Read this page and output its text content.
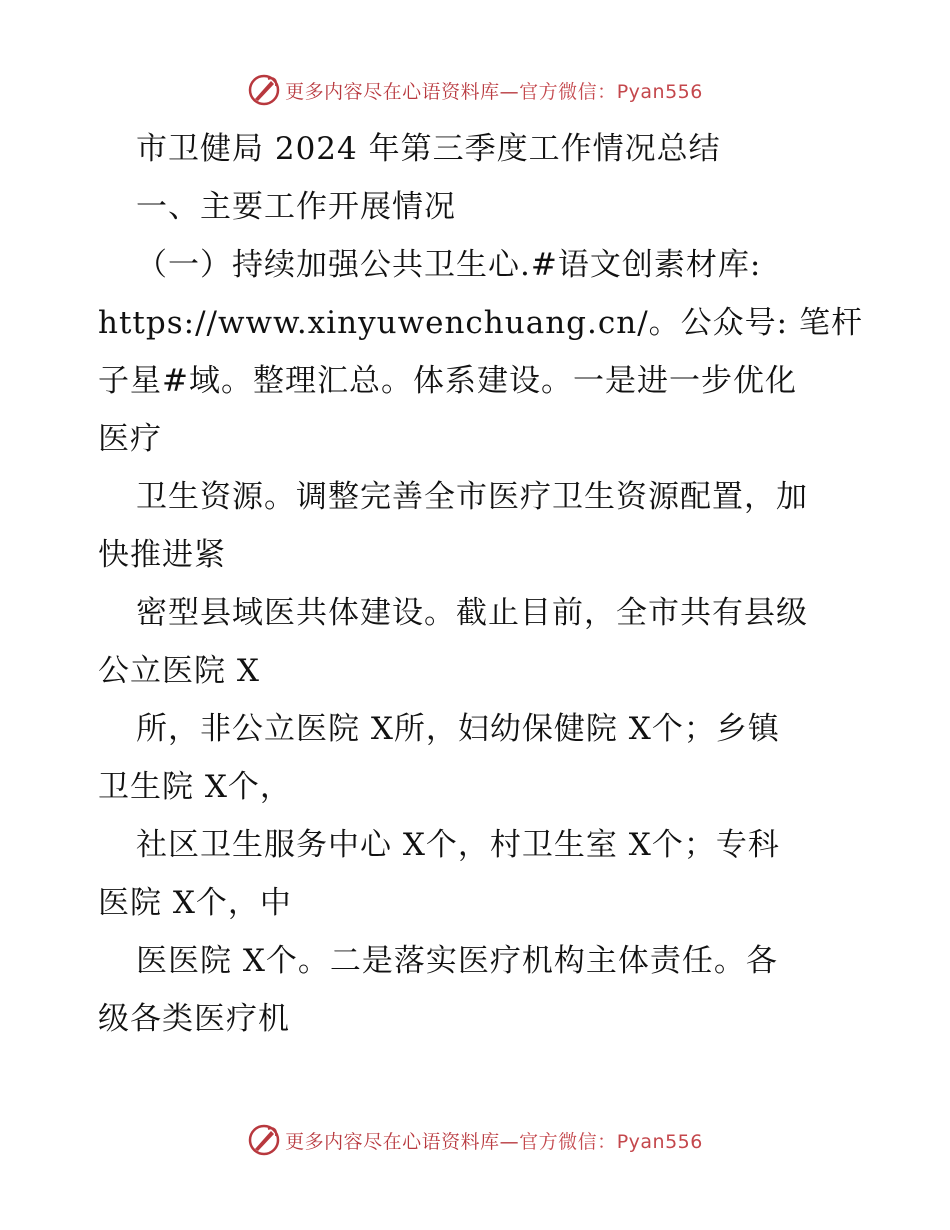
更多内容尽在心语资料库—官方微信：Pyan556
市卫健局 2024 年第三季度工作情况总结
一、主要工作开展情况
（一）持续加强公共卫生心.#语文创素材库:
https://www.xinyuwenchuang.cn/。公众号: 笔杆
子星#域。整理汇总。体系建设。一是进一步优化
医疗
卫生资源。调整完善全市医疗卫生资源配置，加
快推进紧
密型县域医共体建设。截止目前，全市共有县级
公立医院 X
所，非公立医院 X所，妇幼保健院 X个；乡镇
卫生院 X个，
社区卫生服务中心 X个，村卫生室 X个；专科
医院 X个，中
医医院 X个。二是落实医疗机构主体责任。各
级各类医疗机
更多内容尽在心语资料库—官方微信：Pyan556
